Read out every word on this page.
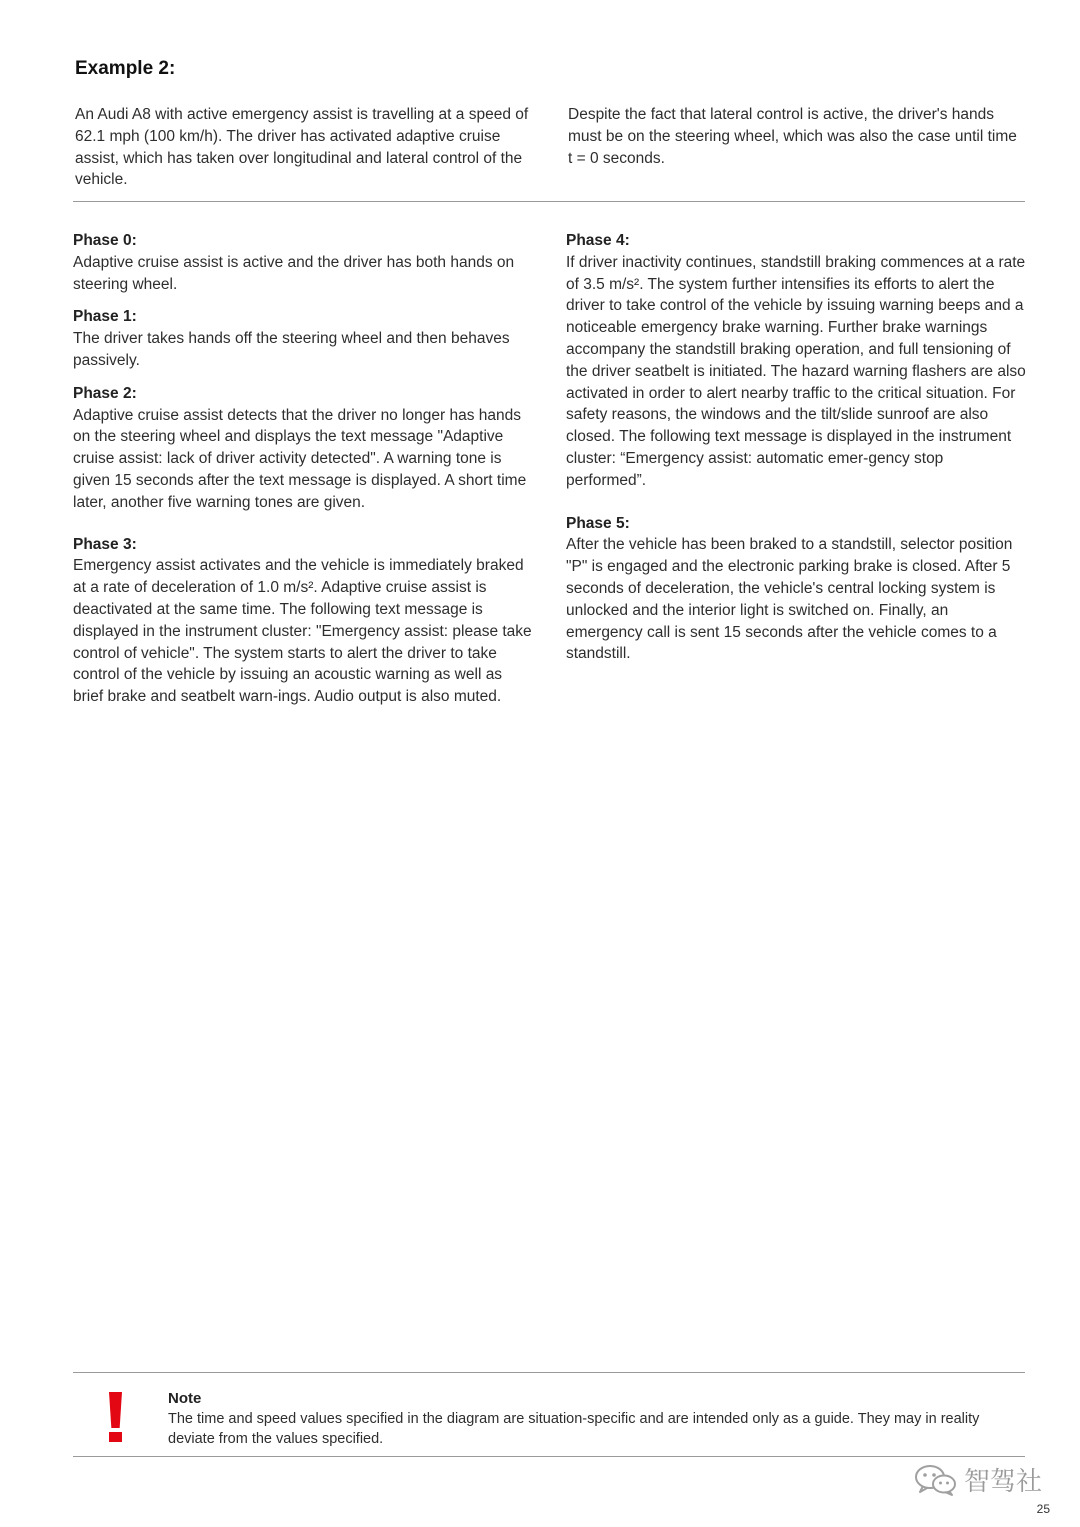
Example 2:

An Audi A8 with active emergency assist is travelling at a speed of 62.1 mph (100 km/h). The driver has activated adaptive cruise assist, which has taken over longitudinal and lateral control of the vehicle.

Despite the fact that lateral control is active, the driver's hands must be on the steering wheel, which was also the case until time t = 0 seconds.

Phase 0:

Adaptive cruise assist is active and the driver has both hands on steering wheel.

Phase 1:

The driver takes hands off the steering wheel and then behaves passively.

Phase 2:

Adaptive cruise assist detects that the driver no longer has hands on the steering wheel and displays the text message "Adaptive cruise assist: lack of driver activity detected". A warning tone is given 15 seconds after the text message is displayed. A short time later, another five warning tones are given.

Phase 3:

Emergency assist activates and the vehicle is immediately braked at a rate of deceleration of 1.0 m/s². Adaptive cruise assist is deactivated at the same time. The following text message is displayed in the instrument cluster: "Emergency assist: please take control of vehicle". The system starts to alert the driver to take control of the vehicle by issuing an acoustic warning as well as brief brake and seatbelt warn-ings. Audio output is also muted.

Phase 4:

If driver inactivity continues, standstill braking commences at a rate of 3.5 m/s². The system further intensifies its efforts to alert the driver to take control of the vehicle by issuing warning beeps and a noticeable emergency brake warning. Further brake warnings accompany the standstill braking operation, and full tensioning of the driver seatbelt is initiated. The hazard warning flashers are also activated in order to alert nearby traffic to the critical situation. For safety reasons, the windows and the tilt/slide sunroof are also closed. The following text message is displayed in the instrument cluster: “Emergency assist: automatic emer-gency stop performed”.

Phase 5:

After the vehicle has been braked to a standstill, selector position "P" is engaged and the electronic parking brake is closed. After 5 seconds of deceleration, the vehicle's central locking system is unlocked and the interior light is switched on. Finally, an emergency call is sent 15 seconds after the vehicle comes to a standstill.

Note

The time and speed values specified in the diagram are situation-specific and are intended only as a guide. They may in reality deviate from the values specified.

智驾社
25
